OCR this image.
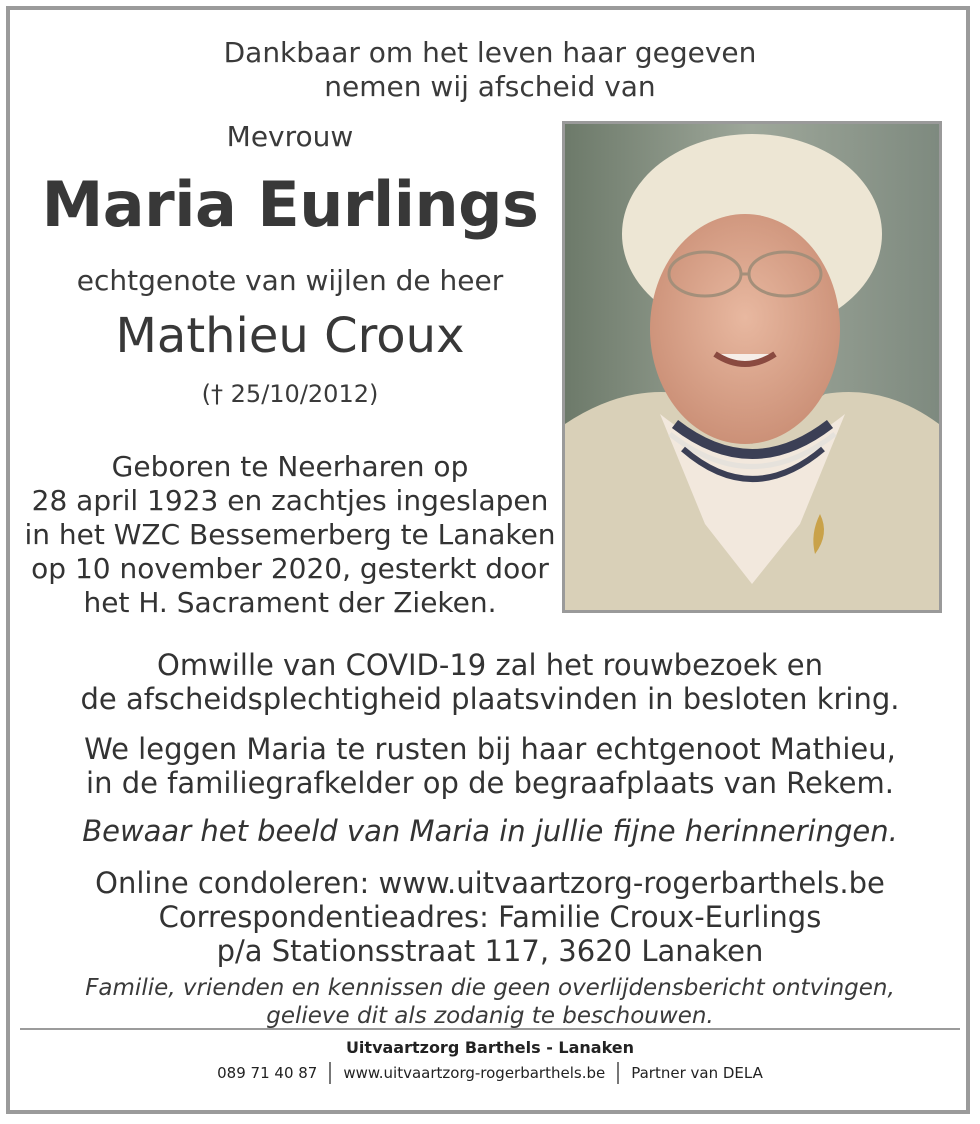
Dankbaar om het leven haar gegeven
nemen wij afscheid van
Mevrouw
Maria Eurlings
echtgenote van wijlen de heer
Mathieu Croux
(† 25/10/2012)
Geboren te Neerharen op
28 april 1923 en zachtjes ingeslapen
in het WZC Bessemerberg te Lanaken
op 10 november 2020, gesterkt door
het H. Sacrament der Zieken.
Omwille van COVID-19 zal het rouwbezoek en
de afscheidsplechtigheid plaatsvinden in besloten kring.
We leggen Maria te rusten bij haar echtgenoot Mathieu,
in de familiegrafkelder op de begraafplaats van Rekem.
Bewaar het beeld van Maria in jullie fijne herinneringen.
Online condoleren: www.uitvaartzorg-rogerbarthels.be
Correspondentieadres: Familie Croux-Eurlings
p/a Stationsstraat 117, 3620 Lanaken
Familie, vrienden en kennissen die geen overlijdensbericht ontvingen,
gelieve dit als zodanig te beschouwen.
Uitvaartzorg Barthels - Lanaken
089 71 40 87 www.uitvaartzorg-rogerbarthels.be Partner van DELA
